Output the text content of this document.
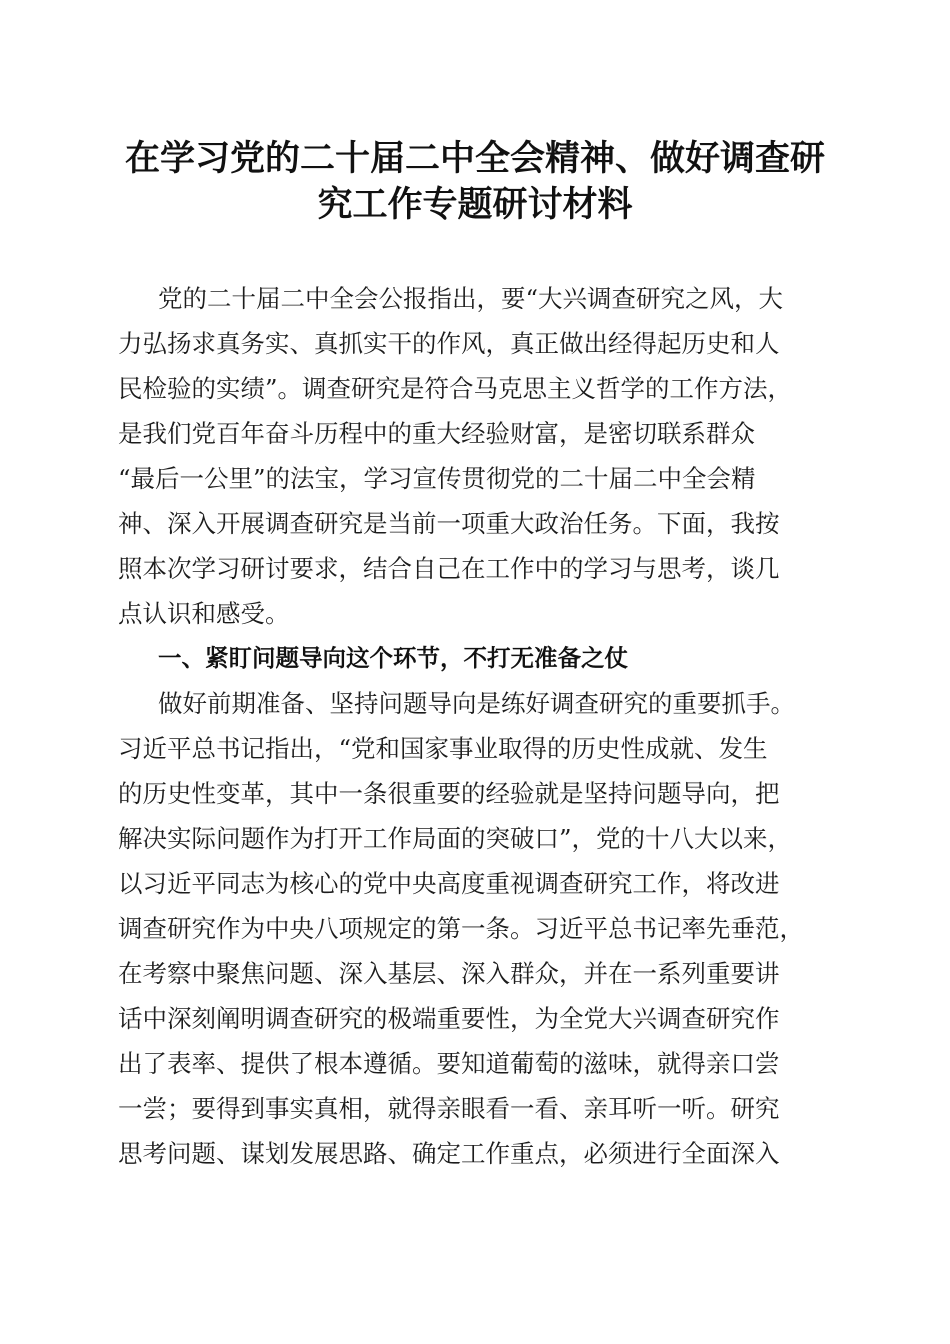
在学习党的二十届二中全会精神、做好调查研
究工作专题研讨材料
党的二十届二中全会公报指出，要“大兴调查研究之风，大
力弘扬求真务实、真抓实干的作风，真正做出经得起历史和人
民检验的实绩”。调查研究是符合马克思主义哲学的工作方法，
是我们党百年奋斗历程中的重大经验财富，是密切联系群众
“最后一公里”的法宝，学习宣传贯彻党的二十届二中全会精
神、深入开展调查研究是当前一项重大政治任务。下面，我按
照本次学习研讨要求，结合自己在工作中的学习与思考，谈几
点认识和感受。
一、紧盯问题导向这个环节，不打无准备之仗
做好前期准备、坚持问题导向是练好调查研究的重要抓手。
习近平总书记指出，“党和国家事业取得的历史性成就、发生
的历史性变革，其中一条很重要的经验就是坚持问题导向，把
解决实际问题作为打开工作局面的突破口”，党的十八大以来，
以习近平同志为核心的党中央高度重视调查研究工作，将改进
调查研究作为中央八项规定的第一条。习近平总书记率先垂范，
在考察中聚焦问题、深入基层、深入群众，并在一系列重要讲
话中深刻阐明调查研究的极端重要性，为全党大兴调查研究作
出了表率、提供了根本遵循。要知道葡萄的滋味，就得亲口尝
一尝；要得到事实真相，就得亲眼看一看、亲耳听一听。研究
思考问题、谋划发展思路、确定工作重点，必须进行全面深入
